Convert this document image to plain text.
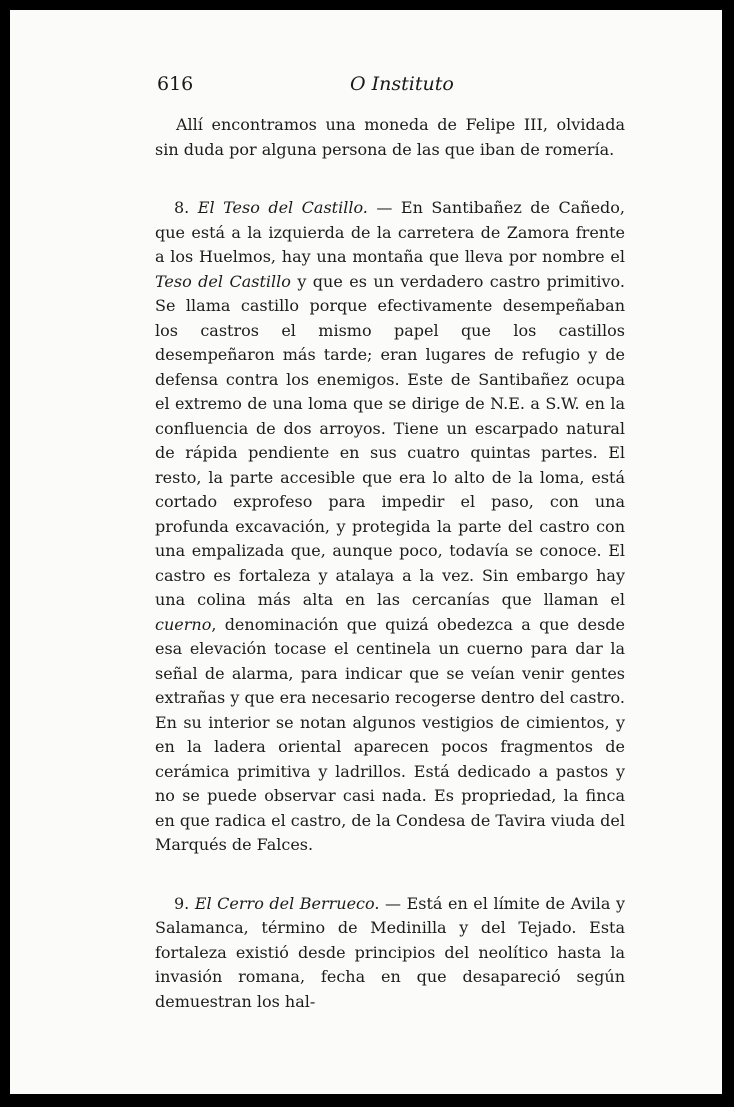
616	O Instituto

Allí encontramos una moneda de Felipe III, olvidada sin duda por alguna persona de las que iban de romería.

8. El Teso del Castillo. — En Santibañez de Cañedo, que está a la izquierda de la carretera de Zamora frente a los Huelmos, hay una montaña que lleva por nombre el Teso del Castillo y que es un verdadero castro primitivo. Se llama castillo porque efectivamente desempeñaban los castros el mismo papel que los castillos desempeñaron más tarde; eran lugares de refugio y de defensa contra los enemigos. Este de Santibañez ocupa el extremo de una loma que se dirige de N.E. a S.W. en la confluencia de dos arroyos. Tiene un escarpado natural de rápida pendiente en sus cuatro quintas partes. El resto, la parte accesible que era lo alto de la loma, está cortado exprofeso para impedir el paso, con una profunda excavación, y protegida la parte del castro con una empalizada que, aunque poco, todavía se conoce. El castro es fortaleza y atalaya a la vez. Sin embargo hay una colina más alta en las cercanías que llaman el cuerno, denominación que quizá obedezca a que desde esa elevación tocase el centinela un cuerno para dar la señal de alarma, para indicar que se veían venir gentes extrañas y que era necesario recogerse dentro del castro. En su interior se notan algunos vestigios de cimientos, y en la ladera oriental aparecen pocos fragmentos de cerámica primitiva y ladrillos. Está dedicado a pastos y no se puede observar casi nada. Es propriedad, la finca en que radica el castro, de la Condesa de Tavira viuda del Marqués de Falces.

9. El Cerro del Berrueco. — Está en el límite de Avila y Salamanca, término de Medinilla y del Tejado. Esta fortaleza existió desde principios del neolítico hasta la invasión romana, fecha en que desapareció según demuestran los hal-
